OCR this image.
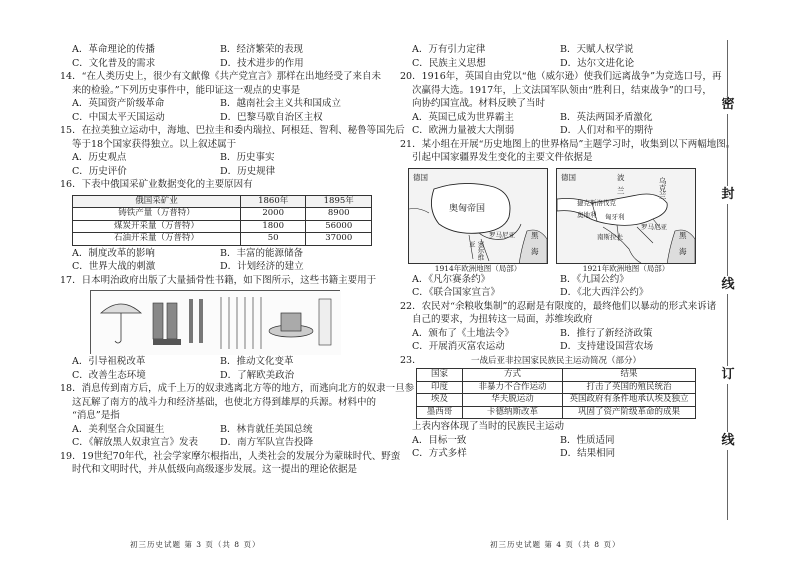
A．革命理论的传播	B．经济繁荣的表现
C．文化普及的需求	D．技术进步的作用
14．“在人类历史上，很少有文献像《共产党宣言》那样在出地经受了来自未
来的检验。”下列历史事件中，能印证这一观点的史事是
A．英国资产阶级革命	B．越南社会主义共和国成立
C．中国太平天国运动	D．巴黎马歇自治区主权
15．在拉美独立运动中，海地、巴拉圭和委内瑞拉、阿根廷、智利、秘鲁等国先后
等于18个国家获得独立。以上叙述属于
A．历史观点	B．历史事实
C．历史评价	D．历史规律
16．下表中俄国采矿业数据变化的主要原因有
俄国采矿业	1860年	1895年
铸铁产量（万普特）	2000	8900
煤炭开采量（万普特）	1800	56000
石油开采量（万普特）	50	37000
A．制度改革的影响	B．丰富的能源储备
C．世界大战的刺激	D．计划经济的建立
17．日本明治政府出版了大量插骨性书籍，如下图所示，这些书籍主要用于
A．引导祖税改革	B．推动文化变革
C．改善生态环境	D．了解欧美政治
18．消息传到南方后，成千上万的奴隶逃离北方等的地方，而逃向北方的奴隶一旦参
这瓦解了南方的战斗力和经济基础，也使北方得到雄厚的兵源。材料中的
“消息”是指
A．美利坚合众国诞生	B．林肯就任美国总统
C．《解放黑人奴隶宣言》发表	D．南方军队宣告投降
19．19世纪70年代，社会学家摩尔根指出，人类社会的发展分为蒙昧时代、野蛮
时代和文明时代，并从低级向高级逐步发展。这一提出的理论依据是
初三历史试题 第 3 页（共 8 页）
A．万有引力定律	B．天赋人权学说
C．民族主义思想	D．达尔文进化论
20．1916年，英国自由党以“他（威尔逊）使我们远离战争”为竞选口号，再
次赢得大选。1917年，上文法国军队领由“胜利日，结束战争”的口号，
向协约国宣战。材料反映了当时
A．英国已成为世界霸主	B．英法两国矛盾激化
C．欧洲力量被大大削弱	D．人们对和平的期待
21．某小组在开展“历史地图上的世界格局”主题学习时，收集到以下两幅地图。
引起中国家疆界发生变化的主要文件依据是
德国
奥匈帝国
罗马尼亚
塞尔维亚
黑
海
1914年欧洲地图（局部）
德国	波
兰	乌克兰
捷克斯洛伐克
奥地利 匈牙利
罗马尼亚
南斯拉夫	黑
海
1921年欧洲地图（局部）
A．《凡尔赛条约》	B．《九国公约》
C．《联合国家宣言》	D．《北大西洋公约》
22．农民对“余粮收集制”的忍耐是有限度的，最终他们以暴动的形式来诉诸
自己的要求，为扭转这一局面，苏维埃政府
A．颁布了《土地法令》	B．推行了新经济政策
C．开展消灭富农运动	D．支持建设国营农场
23．	一战后亚非拉国家民族民主运动简况（部分）		
国家	方式	结果
印度	非暴力不合作运动	打击了英国的殖民统治
埃及	华夫脱运动	英国政府有条件地承认埃及独立
墨西哥	卡德纳斯改革	巩固了资产阶级革命的成果
上表内容体现了当时的民族民主运动
A．目标一致	B．性质适同
C．方式多样	D．结果相同
初三历史试题 第 4 页（共 8 页）
密
封
线
订
线
